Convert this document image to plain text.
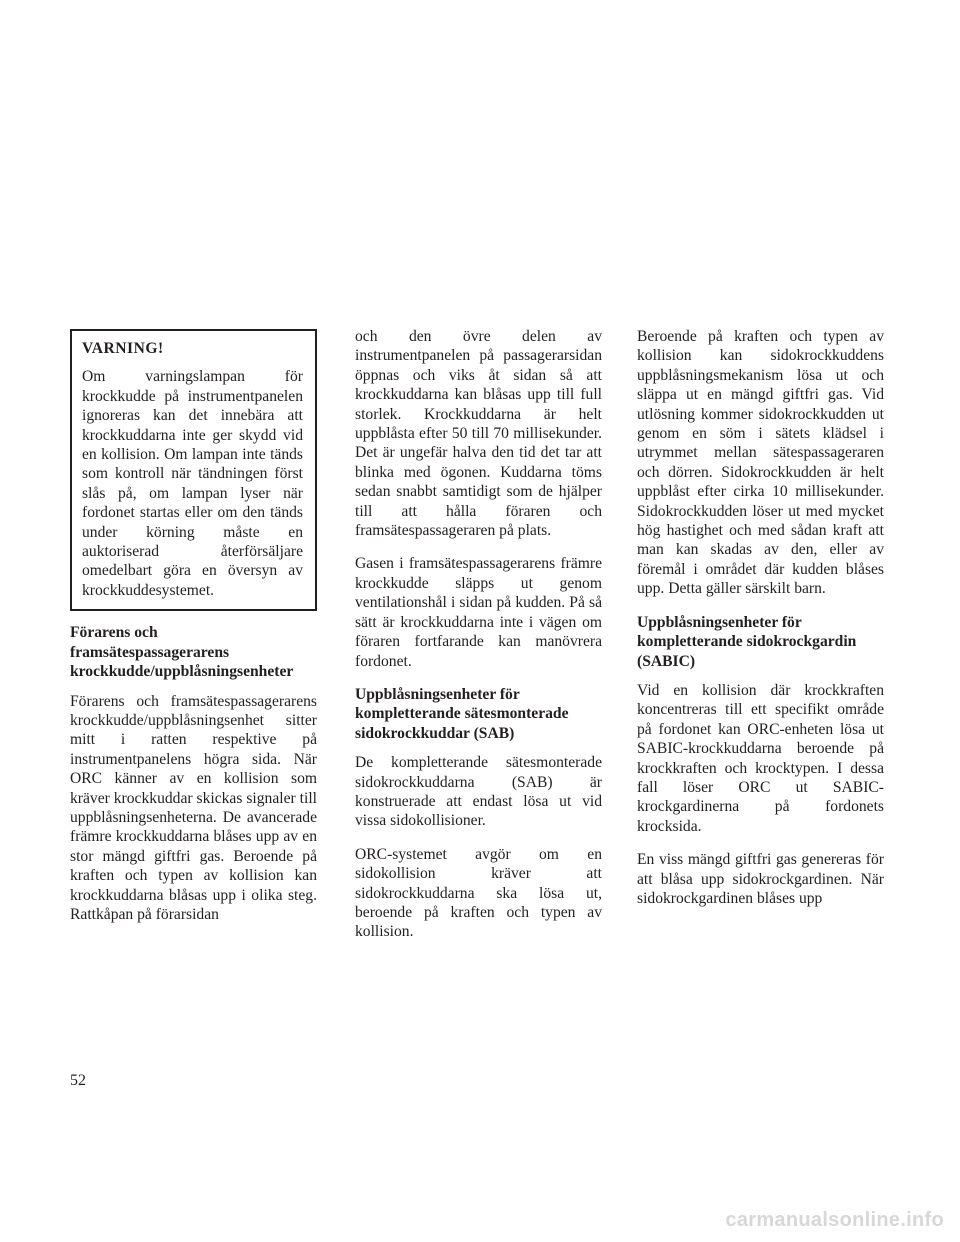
VARNING!

Om varningslampan för krockkudde på instrumentpanelen ignoreras kan det innebära att krockkuddarna inte ger skydd vid en kollision. Om lampan inte tänds som kontroll när tändningen först slås på, om lampan lyser när fordonet startas eller om den tänds under körning måste en auktoriserad återförsäljare omedelbart göra en översyn av krockkuddesystemet.

Förarens och framsätespassagerarens krockkudde/uppblåsningsenheter

Förarens och framsätespassagerarens krockkudde/uppblåsningsenhet sitter mitt i ratten respektive på instrumentpanelens högra sida. När ORC känner av en kollision som kräver krockkuddar skickas signaler till uppblåsningsenheterna. De avancerade främre krockkuddarna blåses upp av en stor mängd giftfri gas. Beroende på kraften och typen av kollision kan krockkuddarna blåsas upp i olika steg. Rattkåpan på förarsidan

och den övre delen av instrumentpanelen på passagerarsidan öppnas och viks åt sidan så att krockkuddarna kan blåsas upp till full storlek. Krockkuddarna är helt uppblåsta efter 50 till 70 millisekunder. Det är ungefär halva den tid det tar att blinka med ögonen. Kuddarna töms sedan snabbt samtidigt som de hjälper till att hålla föraren och framsätespassageraren på plats.

Gasen i framsätespassagerarens främre krockkudde släpps ut genom ventilationshål i sidan på kudden. På så sätt är krockkuddarna inte i vägen om föraren fortfarande kan manövrera fordonet.

Uppblåsningsenheter för kompletterande sätesmonterade sidokrockkuddar (SAB)

De kompletterande sätesmonterade sidokrockkuddarna (SAB) är konstruerade att endast lösa ut vid vissa sidokollisioner.

ORC-systemet avgör om en sidokollision kräver att sidokrockkuddarna ska lösa ut, beroende på kraften och typen av kollision.

Beroende på kraften och typen av kollision kan sidokrockkuddens uppblåsningsmekanism lösa ut och släppa ut en mängd giftfri gas. Vid utlösning kommer sidokrockkudden ut genom en söm i sätets klädsel i utrymmet mellan sätespassageraren och dörren. Sidokrockkudden är helt uppblåst efter cirka 10 millisekunder. Sidokrockkudden löser ut med mycket hög hastighet och med sådan kraft att man kan skadas av den, eller av föremål i området där kudden blåses upp. Detta gäller särskilt barn.

Uppblåsningsenheter för kompletterande sidokrockgardin (SABIC)

Vid en kollision där krockkraften koncentreras till ett specifikt område på fordonet kan ORC-enheten lösa ut SABIC-krockkuddarna beroende på krockkraften och krocktypen. I dessa fall löser ORC ut SABIC-krockgardinerna på fordonets krocksida.

En viss mängd giftfri gas genereras för att blåsa upp sidokrockgardinen. När sidokrockgardinen blåses upp

52
carmanualsonline.info
